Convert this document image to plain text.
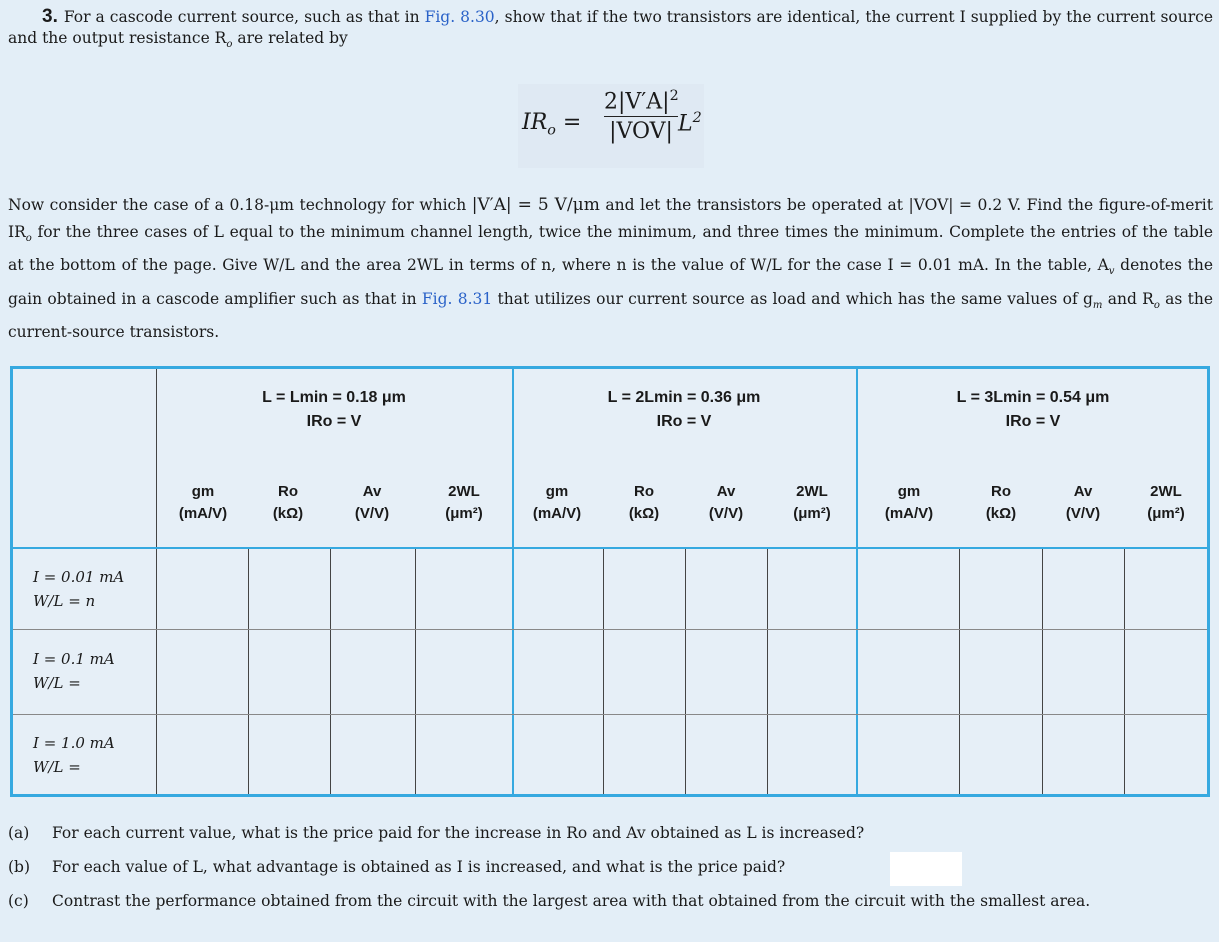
3. For a cascode current source, such as that in Fig. 8.30, show that if the two transistors are identical, the current I supplied by the current source and the output resistance $R_o$ are related by
$IR_o$ =
$2|V'A|^2$
|VOV| $L^2$
Now consider the case of a 0.18-μm technology for which |V′A| = 5 V/μm and let the transistors be operated at |VOV| = 0.2 V. Find the figure-of-merit $IR_o$ for the three cases of L equal to the minimum channel length, twice the minimum, and three times the minimum. Complete the entries of the table at the bottom of the page. Give W/L and the area 2WL in terms of n, where n is the value of W/L for the case I = 0.01 mA. In the table, $A_v$ denotes the gain obtained in a cascode amplifier such as that in Fig. 8.31 that utilizes our current source as load and which has the same values of $g_m$ and $R_o$ as the current-source transistors.
L = Lmin = 0.18 μm
IRo = V
L = 2Lmin = 0.36 μm
IRo = V
L = 3Lmin = 0.54 μm
IRo = V
gm
(mA/V)
Ro
(kΩ)
Av
(V/V)
2WL
(μm²)
gm
(mA/V)
Ro
(kΩ)
Av
(V/V)
2WL
(μm²)
gm
(mA/V)
Ro
(kΩ)
Av
(V/V)
2WL
(μm²)
I = 0.01 mA
W/L = n
I = 0.1 mA
W/L =
I = 1.0 mA
W/L =
(a) For each current value, what is the price paid for the increase in Ro and Av obtained as L is increased?
(b) For each value of L, what advantage is obtained as I is increased, and what is the price paid?
(c) Contrast the performance obtained from the circuit with the largest area with that obtained from the circuit with the smallest area.
